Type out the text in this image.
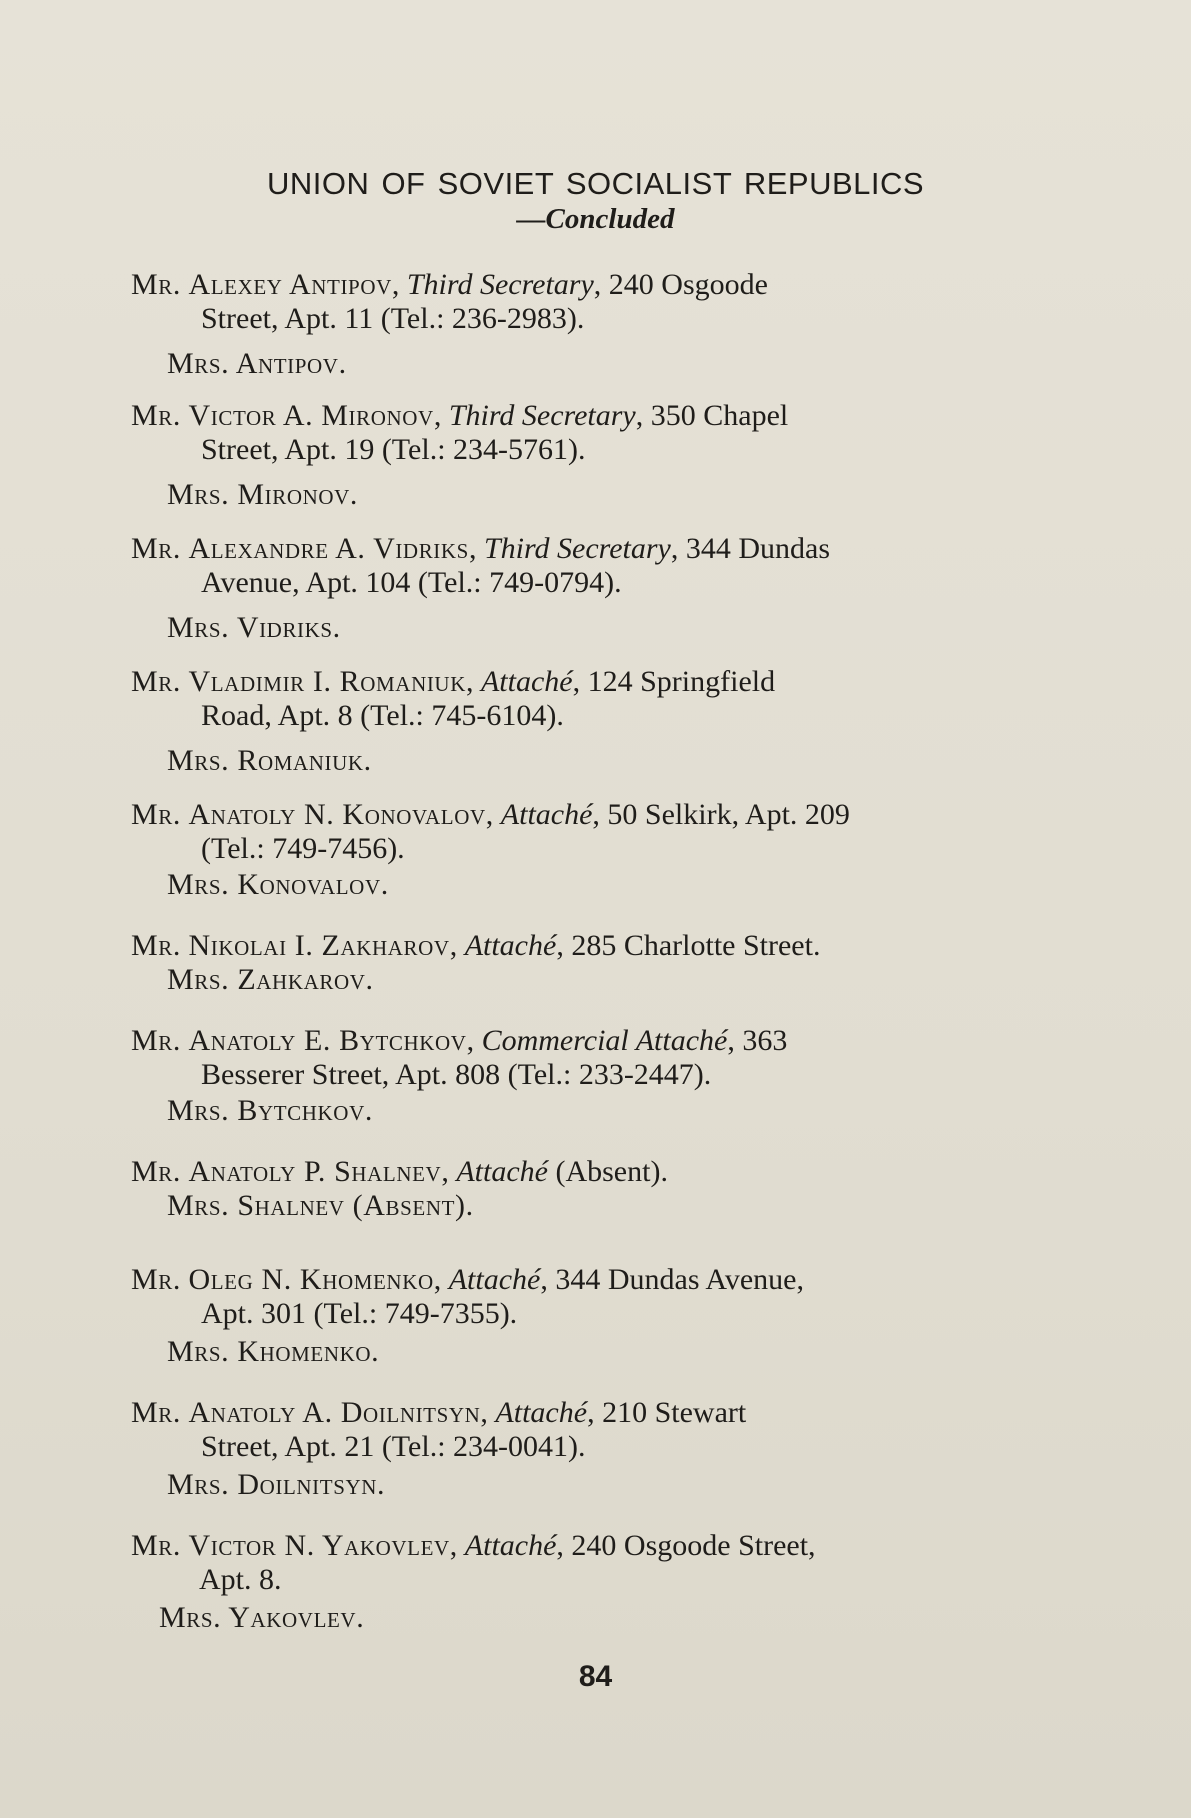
UNION OF SOVIET SOCIALIST REPUBLICS
—Concluded
Mr. Alexey Antipov, Third Secretary, 240 Osgoode
Street, Apt. 11 (Tel.: 236-2983).
Mrs. Antipov.
Mr. Victor A. Mironov, Third Secretary, 350 Chapel
Street, Apt. 19 (Tel.: 234-5761).
Mrs. Mironov.
Mr. Alexandre A. Vidriks, Third Secretary, 344 Dundas
Avenue, Apt. 104 (Tel.: 749-0794).
Mrs. Vidriks.
Mr. Vladimir I. Romaniuk, Attaché, 124 Springfield
Road, Apt. 8 (Tel.: 745-6104).
Mrs. Romaniuk.
Mr. Anatoly N. Konovalov, Attaché, 50 Selkirk, Apt. 209
(Tel.: 749-7456).
Mrs. Konovalov.
Mr. Nikolai I. Zakharov, Attaché, 285 Charlotte Street.
Mrs. Zahkarov.
Mr. Anatoly E. Bytchkov, Commercial Attaché, 363
Besserer Street, Apt. 808 (Tel.: 233-2447).
Mrs. Bytchkov.
Mr. Anatoly P. Shalnev, Attaché (Absent).
Mrs. Shalnev (Absent).
Mr. Oleg N. Khomenko, Attaché, 344 Dundas Avenue,
Apt. 301 (Tel.: 749-7355).
Mrs. Khomenko.
Mr. Anatoly A. Doilnitsyn, Attaché, 210 Stewart
Street, Apt. 21 (Tel.: 234-0041).
Mrs. Doilnitsyn.
Mr. Victor N. Yakovlev, Attaché, 240 Osgoode Street,
Apt. 8.
Mrs. Yakovlev.
84
